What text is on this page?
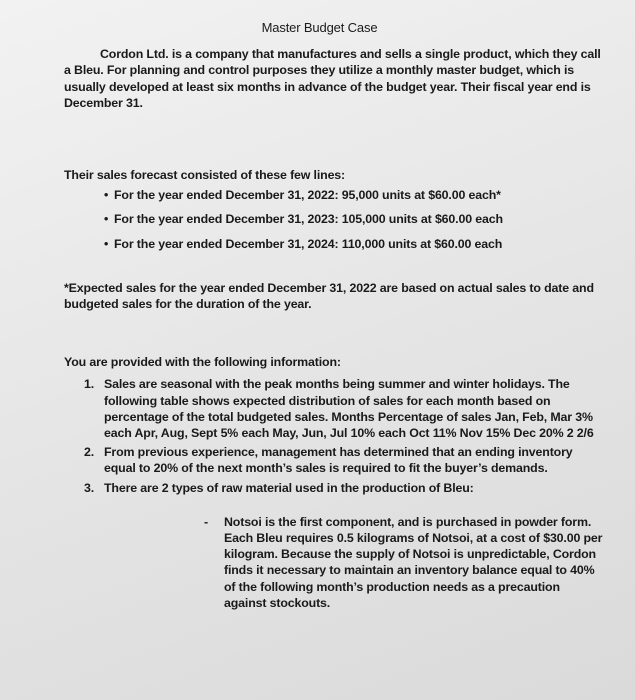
Master Budget Case

Cordon Ltd. is a company that manufactures and sells a single product, which they call a Bleu. For planning and control purposes they utilize a monthly master budget, which is usually developed at least six months in advance of the budget year. Their fiscal year end is December 31.

Their sales forecast consisted of these few lines:

• For the year ended December 31, 2022: 95,000 units at $60.00 each*
• For the year ended December 31, 2023: 105,000 units at $60.00 each
• For the year ended December 31, 2024: 110,000 units at $60.00 each

*Expected sales for the year ended December 31, 2022 are based on actual sales to date and budgeted sales for the duration of the year.

You are provided with the following information:

1. Sales are seasonal with the peak months being summer and winter holidays. The following table shows expected distribution of sales for each month based on percentage of the total budgeted sales. Months Percentage of sales Jan, Feb, Mar 3% each Apr, Aug, Sept 5% each May, Jun, Jul 10% each Oct 11% Nov 15% Dec 20% 2 2/6
2. From previous experience, management has determined that an ending inventory equal to 20% of the next month’s sales is required to fit the buyer’s demands.
3. There are 2 types of raw material used in the production of Bleu:
- Notsoi is the first component, and is purchased in powder form. Each Bleu requires 0.5 kilograms of Notsoi, at a cost of $30.00 per kilogram. Because the supply of Notsoi is unpredictable, Cordon finds it necessary to maintain an inventory balance equal to 40% of the following month’s production needs as a precaution against stockouts.
